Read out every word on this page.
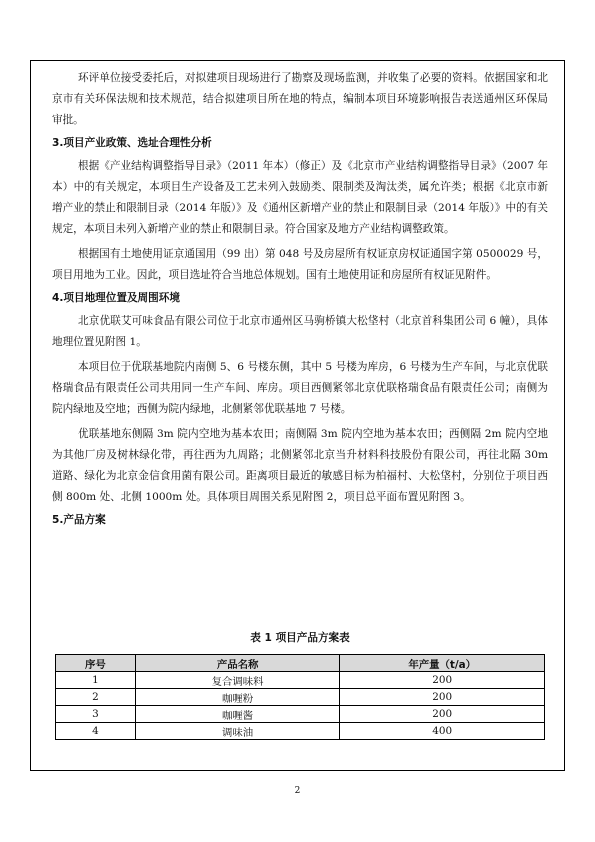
环评单位接受委托后，对拟建项目现场进行了勘察及现场监测，并收集了必要的资料。依据国家和北京市有关环保法规和技术规范，结合拟建项目所在地的特点，编制本项目环境影响报告表送通州区环保局审批。

3.项目产业政策、选址合理性分析

根据《产业结构调整指导目录》（2011 年本）（修正）及《北京市产业结构调整指导目录》（2007 年本）中的有关规定，本项目生产设备及工艺未列入鼓励类、限制类及淘汰类，属允许类；根据《北京市新增产业的禁止和限制目录（2014 年版）》及《通州区新增产业的禁止和限制目录（2014 年版）》中的有关规定，本项目未列入新增产业的禁止和限制目录。符合国家及地方产业结构调整政策。

根据国有土地使用证京通国用（99 出）第 048 号及房屋所有权证京房权证通国字第 0500029 号，项目用地为工业。因此，项目选址符合当地总体规划。国有土地使用证和房屋所有权证见附件。

4.项目地理位置及周围环境

北京优联艾可味食品有限公司位于北京市通州区马驹桥镇大松垡村（北京首科集团公司 6 幢），具体地理位置见附图 1。

本项目位于优联基地院内南侧 5、6 号楼东侧，其中 5 号楼为库房，6 号楼为生产车间，与北京优联格瑞食品有限责任公司共用同一生产车间、库房。项目西侧紧邻北京优联格瑞食品有限责任公司；南侧为院内绿地及空地；西侧为院内绿地，北侧紧邻优联基地 7 号楼。

优联基地东侧隔 3m 院内空地为基本农田；南侧隔 3m 院内空地为基本农田；西侧隔 2m 院内空地为其他厂房及树林绿化带，再往西为九周路；北侧紧邻北京当升材料科技股份有限公司，再往北隔 30m 道路、绿化为北京金信食用菌有限公司。距离项目最近的敏感目标为柏福村、大松垡村，分别位于项目西侧 800m 处、北侧 1000m 处。具体项目周围关系见附图 2，项目总平面布置见附图 3。

5.产品方案
表 1 项目产品方案表
序号	产品名称	年产量（t/a）
1	复合调味料	200
2	咖喱粉	200
3	咖喱酱	200
4	调味油	400
2
